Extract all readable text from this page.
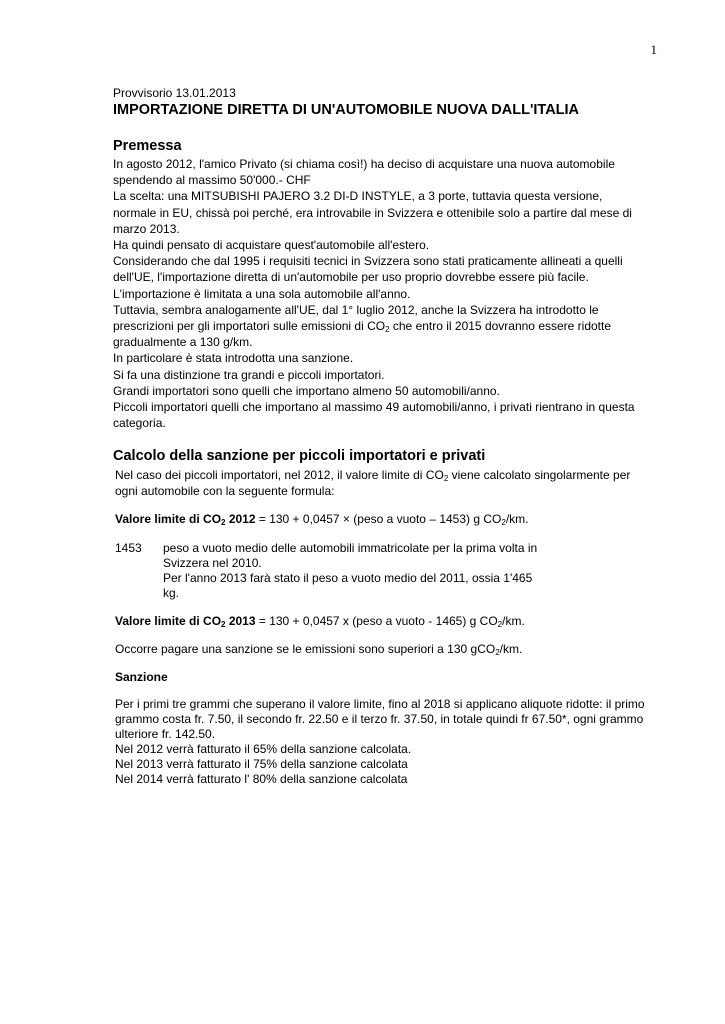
1

Provvisorio 13.01.2013

IMPORTAZIONE DIRETTA DI UN'AUTOMOBILE NUOVA DALL'ITALIA

Premessa

In agosto 2012, l'amico Privato (si chiama così!) ha deciso di acquistare una nuova automobile

spendendo al massimo 50'000.- CHF

La scelta: una MITSUBISHI PAJERO 3.2 DI-D INSTYLE, a 3 porte, tuttavia questa versione,

normale in EU, chissà poi perché, era introvabile in Svizzera e ottenibile solo a partire dal mese di

marzo 2013.

Ha quindi pensato di acquistare quest'automobile all'estero.

Considerando che dal 1995 i requisiti tecnici in Svizzera sono stati praticamente allineati a quelli

dell'UE, l'importazione diretta di un'automobile per uso proprio dovrebbe essere più facile.

L'importazione è limitata a una sola automobile all'anno.

Tuttavia, sembra analogamente all'UE, dal 1° luglio 2012, anche la Svizzera ha introdotto le

prescrizioni per gli importatori sulle emissioni di $CO_2$ che entro il 2015 dovranno essere ridotte

gradualmente a 130 g/km.

In particolare è stata introdotta una sanzione.

Si fa una distinzione tra grandi e piccoli importatori.

Grandi importatori sono quelli che importano almeno 50 automobili/anno.

Piccoli importatori quelli che importano al massimo 49 automobili/anno, i privati rientrano in questa

categoria.

Calcolo della sanzione per piccoli importatori e privati

Nel caso dei piccoli importatori, nel 2012, il valore limite di $CO_2$ viene calcolato singolarmente per

ogni automobile con la seguente formula:

Valore limite di $CO_2$ 2012 = 130 + 0,0457 × (peso a vuoto – 1453) g $CO_2/km$.

1453	peso a vuoto medio delle automobili immatricolate per la prima volta in
Svizzera nel 2010.
Per l'anno 2013 farà stato il peso a vuoto medio del 2011, ossia 1'465
kg.

Valore limite di $CO_2$ 2013 = 130 + 0,0457 x (peso a vuoto - 1465) g $CO_2/km$.

Occorre pagare una sanzione se le emissioni sono superiori a 130 gCO$_2$/km.

Sanzione

Per i primi tre grammi che superano il valore limite, fino al 2018 si applicano aliquote ridotte: il primo

grammo costa fr. 7.50, il secondo fr. 22.50 e il terzo fr. 37.50, in totale quindi fr 67.50*, ogni grammo

ulteriore fr. 142.50.

Nel 2012 verrà fatturato il 65% della sanzione calcolata.

Nel 2013 verrà fatturato il 75% della sanzione calcolata

Nel 2014 verrà fatturato l' 80% della sanzione calcolata
